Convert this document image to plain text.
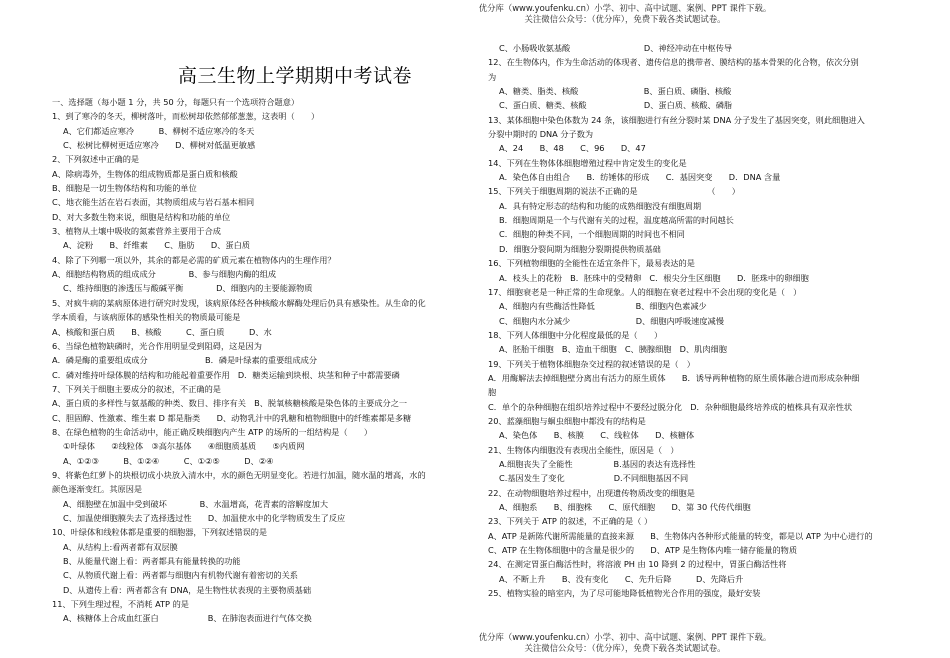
优分库（www.youfenku.cn）小学、初中、高中试题、案例、PPT 课件下载。
关注微信公众号：（优分库），免费下载各类试题试卷。
高三生物上学期期中考试卷
一、选择题（每小题 1 分，共 50 分，每题只有一个选项符合题意）
1、到了寒冷的冬天，柳树落叶，而松树却依然郁郁葱葱，这表明（　　）
A、它们都适应寒冷　　　B、柳树不适应寒冷的冬天
C、松树比柳树更适应寒冷　　D、柳树对低温更敏感
2、下列叙述中正确的是
A、除病毒外，生物体的组成物质都是蛋白质和核酸
B、细胞是一切生物体结构和功能的单位
C、地衣能生活在岩石表面，其物质组成与岩石基本相同
D、对大多数生物来说，细胞是结构和功能的单位
3、植物从土壤中吸收的氮素营养主要用于合成
A、淀粉　　B、纤维素　　C、脂肪　　D、蛋白质
4、除了下列哪一项以外，其余的都是必需的矿质元素在植物体内的生理作用？
A、细胞结构物质的组成成分　　　　B、参与细胞内酶的组成
C、维持细胞的渗透压与酸碱平衡　　　　D、细胞内的主要能源物质
5、对疯牛病的某病原体进行研究时发现，该病原体经各种核酸水解酶处理后仍具有感染性。从生命的化
学本质看，与该病原体的感染性相关的物质最可能是
A、核酸和蛋白质　　B、核酸　　　C、蛋白质　　　D、水
6、当绿色植物缺磷时，光合作用明显受到阻碍，这是因为
A．磷是酶的重要组成成分　　　　　　　B．磷是叶绿素的重要组成成分
C．磷对维持叶绿体膜的结构和功能起着重要作用　D．糖类运输到块根、块茎和种子中都需要磷
7、下列关于细胞主要成分的叙述，不正确的是
A、蛋白质的多样性与氨基酸的种类、数目、排序有关　B、脱氧核糖核酸是染色体的主要成分之一
C、胆固醇、性激素、维生素 D 都是脂类　　D、动物乳汁中的乳糖和植物细胞中的纤维素都是多糖
8、在绿色植物的生命活动中，能正确反映细胞内产生 ATP 的场所的一组结构是（　　）
①叶绿体　　②线粒体　③高尔基体　　④细胞质基质　　⑤内质网
A、①②③　　　B、①②④　　　C、①②⑤　　　D、②④
9、将紫色红萝卜的块根切成小块放入清水中，水的颜色无明显变化。若进行加温，随水温的增高，水的
颜色逐渐变红。其原因是
A、细胞壁在加温中受到破坏　　　　B、水温增高，花青素的溶解度加大
C、加温使细胞膜失去了选择透过性　　D、加温使水中的化学物质发生了反应
10、叶绿体和线粒体都是重要的细胞器，下列叙述错误的是
A、从结构上:看两者都有双层膜
B、从能量代谢上看：两者都具有能量转换的功能
C、从物质代谢上看：两者都与细胞内有机物代谢有着密切的关系
D、从遗传上看：两者都含有 DNA，是生物性状表现的主要物质基础
11、下列生理过程，不消耗 ATP 的是
A、核糖体上合成血红蛋白　　　　　　B、在肺泡表面进行气体交换
C、小肠吸收氨基酸　　　　　　　　　D、神经冲动在中枢传导
12、在生物体内，作为生命活动的体现者、遗传信息的携带者、膜结构的基本骨架的化合物，依次分别
为
A、糖类、脂类、核酸　　　　　　　　B、蛋白质、磷脂、核酸
C、蛋白质、糖类、核酸　　　　　　　D、蛋白质、核酸、磷脂
13、某体细胞中染色体数为 24 条，该细胞进行有丝分裂时某 DNA 分子发生了基因突变，则此细胞进入
分裂中期时的 DNA 分子数为
A、24　　B、48　　C、96　　D、47
14、下列在生物体体细胞增殖过程中肯定发生的变化是
A．染色体自由组合　　B．纺锤体的形成　　C．基因突变　　D．DNA 含量
15、下列关于细胞周期的说法不正确的是　　　　　　　　　（　　）
A．具有特定形态的结构和功能的成熟细胞没有细胞周期
B．细胞周期是一个与代谢有关的过程，温度越高所需的时间越长
C．细胞的种类不同，一个细胞周期的时间也不相同
D．细胞分裂间期为细胞分裂期提供物质基础
16、下列植物细胞的全能性在适宜条件下，最易表达的是
A．枝头上的花粉　B．胚珠中的受精卵　C．根尖分生区细胞　　D．胚珠中的卵细胞
17、细胞衰老是一种正常的生命现象。人的细胞在衰老过程中不会出现的变化是（　）
A、细胞内有些酶活性降低　　　　　B、细胞内色素减少
C、细胞内水分减少　　　　　　　　D、细胞内呼吸速度减慢
18、下列人体细胞中分化程度最低的是（　　）
A、胚胎干细胞　B、造血干细胞　C、胰腺细胞　D、肌肉细胞
19、下列关于植物体细胞杂交过程的叙述错误的是（　）
A．用酶解法去掉细胞壁分离出有活力的原生质体　　B．诱导两种植物的原生质体融合进而形成杂种细
胞
C．单个的杂种细胞在组织培养过程中不要经过脱分化　D．杂种细胞最终培养成的植株具有双亲性状
20、蓝藻细胞与蛔虫细胞中都没有的结构是
A、染色体　　B、核膜　　C、线粒体　　D、核糖体
21、生物体内细胞没有表现出全能性，原因是（　）
A.细胞丧失了全能性　　　　　B.基因的表达有选择性
C.基因发生了变化　　　　　　D.不同细胞基因不同
22、在动物细胞培养过程中，出现遗传物质改变的细胞是
A、细胞系　　B、细胞株　　C、原代细胞　　D、第 30 代传代细胞
23、下列关于 ATP 的叙述，不正确的是（ ）
A、ATP 是新陈代谢所需能量的直接来源　　B、生物体内各种形式能量的转变，都是以 ATP 为中心进行的
C、ATP 在生物体细胞中的含量是很少的　　D、ATP 是生物体内唯一储存能量的物质
24、在测定胃蛋白酶活性时，将溶液 PH 由 10 降到 2 的过程中，胃蛋白酶活性将
A、不断上升　　B、没有变化　　C、先升后降　　　D、先降后升
25、植物实验的暗室内，为了尽可能地降低植物光合作用的强度，最好安装
优分库（www.youfenku.cn）小学、初中、高中试题、案例、PPT 课件下载。
关注微信公众号：（优分库），免费下载各类试题试卷。
